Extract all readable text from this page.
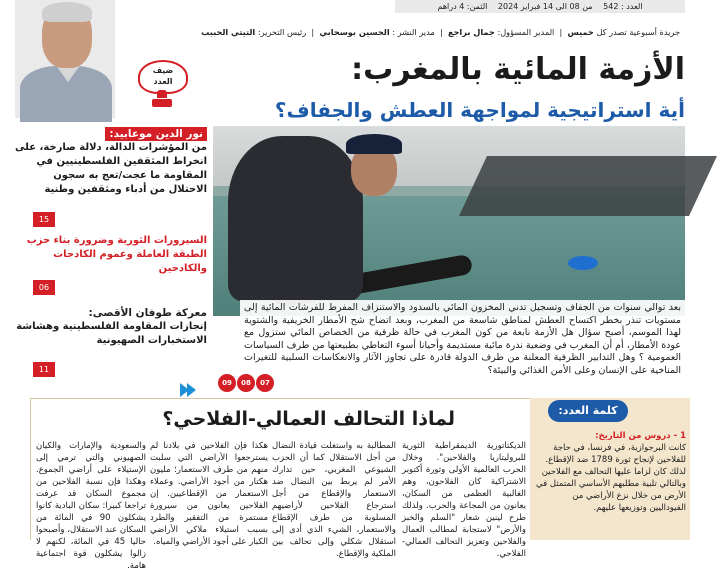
العدد : 542 من 08 الى 14 فبراير 2024 الثمن: 4 دراهم
جريدة أسبوعية تصدر كل خميس  |  المدير المسؤول: جمال براجع  |  مدير النشر : الحسين بوسحابي  |  رئيس التحرير: التيتي الحبيب
ضيف
العدد	الأزمة المائية بالمغرب:
أية استراتيجية لمواجهة العطش والجفاف؟
بعد توالي سنوات من الجفاف وتسجيل تدني المخزون المائي بالسدود والاستنزاف المفرط للفرشات المائية إلى مستويات تنذر بخطر اكتساح العطش لمناطق شاسعة من المغرب، وبعد اتضاح شح الأمطار الخريفية والشتوية لهذا الموسم، أصبح سؤال هل الأزمة نابعة من كون المغرب في حالة ظرفية من الخصاص المائي ستزول مع عودة الأمطار، أم أن المغرب في وضعية ندرة مائية مستديمة وأحيانا أسوء التعاطي بطبيعتها من طرف السياسات العمومية ؟ وهل التدابير الظرفية المعلنة من طرف الدولة قادرة على تجاوز الآثار والانعكاسات السلبية للتغيرات المناخية على الإنسان وعلى الأمن الغذائي والبيئة؟
نور الدين موعابيد:
من المؤشرات الدالة، دلالة صارخة، على انخراط المثقفين الفلسطينيين في المقاومة ما عجت/تعج به سجون الاحتلال من أدباء ومثقفين وطنية
15
السيرورات الثورية وضرورة بناء حزب الطبقة العاملة وعموم الكادحات والكادحين
06
معركة طوفان الأقصى:
إنجازات المقاومة الفلسطينية وهشاشة الاستخبارات الصهيونية
11
09	08	07
كلمة العدد:
لماذا التحالف العمالي-الفلاحي؟
1 - دروس من التاريخ:
كانت البرجوازية، في فرنسا، في حاجة للفلاحين لإنجاح ثورة 1789 ضد الإقطاع. لذلك كان لزاما عليها التحالف مع الفلاحين وبالتالي تلبية مطلبهم الأساسي المتمثل في الأرض من خلال نزع الأراضي من الفيوداليين وتوزيعها عليهم.
الديكتاتورية الديمقراطية الثورية للبروليتاريا والفلاحين". وخلال الحرب العالمية الأولى وثورة أكتوبر الاشتراكية كان الفلاحون، وهم الغالبية العظمى من السكان، يعانون من المجاعة والحرب. ولذلك طرح لينين شعار "السلم والخبز والأرض" لاستجابة لمطالب العمال والفلاحين وتعزيز التحالف العمالي-الفلاحي.
المطالبة به واستغلت قيادة النضال من أجل الاستقلال كما أن الحزب الشيوعي المغربي، حين تدارك الأمر لم يربط بين النضال ضد الاستعمار والإقطاع من أجل استرجاع الفلاحين لأراضيهم المسلوبة من طرف الإقطاع والاستعمار، الشيء الذي أدى إلى استقلال شكلي وإلى تحالف بين الملكية والإقطاع.
هكذا فإن الفلاحين في بلادنا لم يسترجعوا الأراضي التي سلبت منهم من طرف الاستعمار؛ مليون هكتار من أجود الأراضي. وعملاء الاستعمار من الإقطاعيين. إن الفلاحين يعانون من سيرورة مستمرة من التفقير والطرد بسبب استيلاء ملاكي الأراضي الكبار على أجود الأراضي والمياه.
والسعودية والإمارات والكيان الصهيوني والتي ترمي إلى الإستيلاء على أراضي الجموع. وهكذا فإن نسبة الفلاحين من مجموع السكان قد عرفت تراجعا كبيرا: سكان البادية كانوا يشكلون 90 في المائة من السكان عند الاستقلال، وأصبحوا حاليا 45 في المائة، لكنهم لا زالوا يشكلون قوة اجتماعية هامة.
